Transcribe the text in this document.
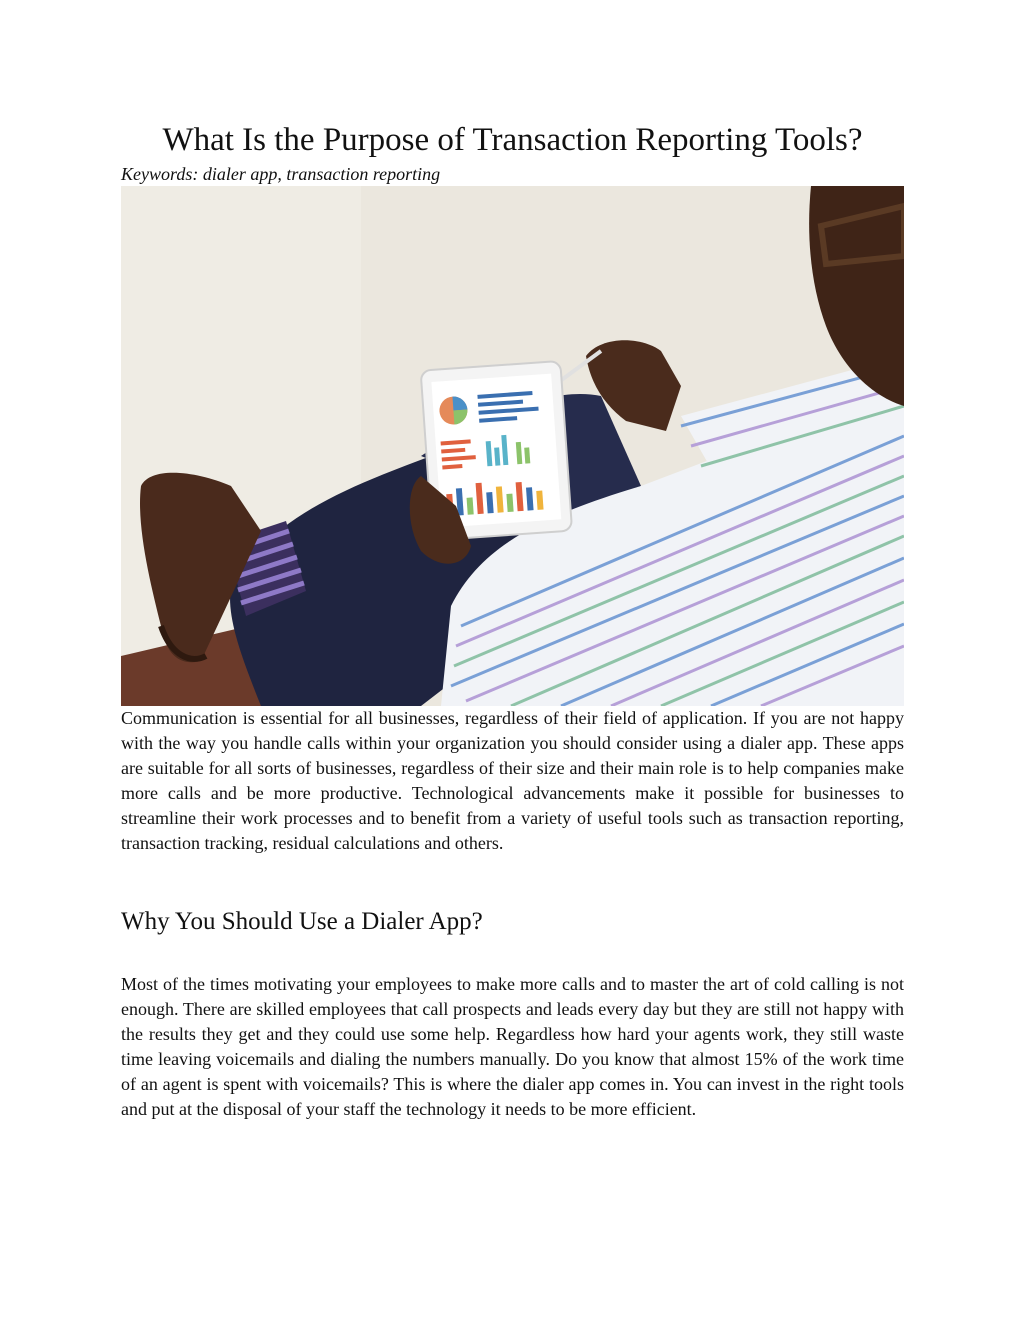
What Is the Purpose of Transaction Reporting Tools?

Keywords: dialer app, transaction reporting

Communication is essential for all businesses, regardless of their field of application. If you are not happy with the way you handle calls within your organization you should consider using a dialer app. These apps are suitable for all sorts of businesses, regardless of their size and their main role is to help companies make more calls and be more productive. Technological advancements make it possible for businesses to streamline their work processes and to benefit from a variety of useful tools such as transaction reporting, transaction tracking, residual calculations and others.

Why You Should Use a Dialer App?

Most of the times motivating your employees to make more calls and to master the art of cold calling is not enough. There are skilled employees that call prospects and leads every day but they are still not happy with the results they get and they could use some help. Regardless how hard your agents work, they still waste time leaving voicemails and dialing the numbers manually. Do you know that almost 15% of the work time of an agent is spent with voicemails? This is where the dialer app comes in. You can invest in the right tools and put at the disposal of your staff the technology it needs to be more efficient.
